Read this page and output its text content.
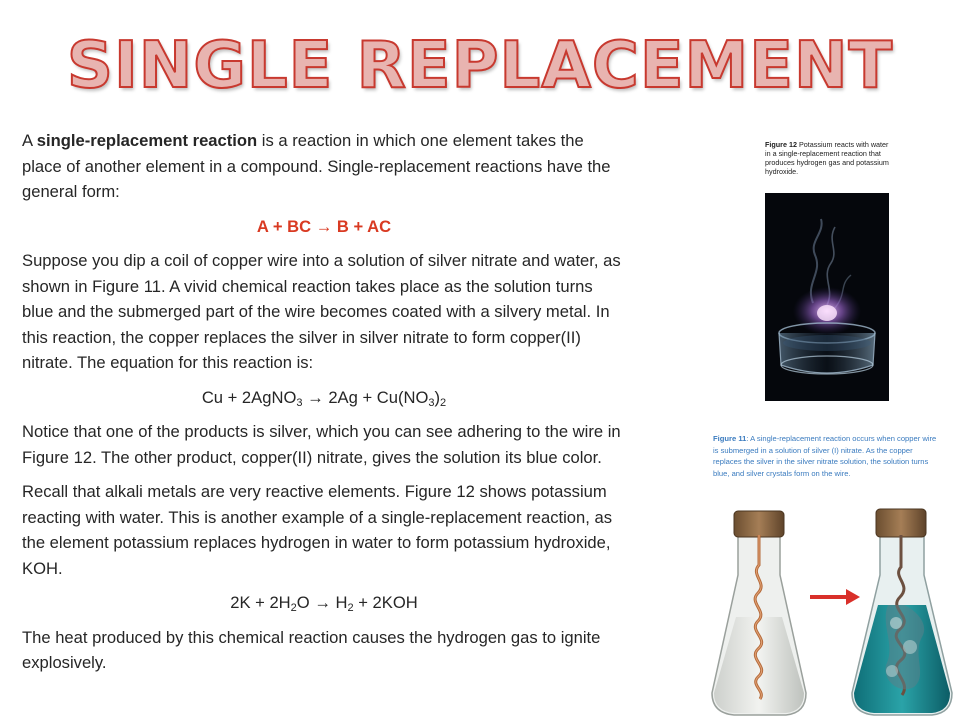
SINGLE REPLACEMENT

A single-replacement reaction is a reaction in which one element takes the place of another element in a compound. Single-replacement reactions have the general form:

A + BC → B + AC

Suppose you dip a coil of copper wire into a solution of silver nitrate and water, as shown in Figure 11. A vivid chemical reaction takes place as the solution turns blue and the submerged part of the wire becomes coated with a silvery metal. In this reaction, the copper replaces the silver in silver nitrate to form copper(II) nitrate. The equation for this reaction is:

Cu + 2AgNO$_3$ → $2Ag + Cu(NO_3)_2$

Notice that one of the products is silver, which you can see adhering to the wire in Figure 12. The other product, copper(II) nitrate, gives the solution its blue color.

Recall that alkali metals are very reactive elements. Figure 12 shows potassium reacting with water. This is another example of a single-replacement reaction, as the element potassium replaces hydrogen in water to form potassium hydroxide, KOH.

$2K + 2H_2O \to H_2 + 2KOH$

The heat produced by this chemical reaction causes the hydrogen gas to ignite explosively.

Figure 12 Potassium reacts with water in a single-replacement reaction that produces hydrogen gas and potassium hydroxide.
Figure 11: A single-replacement reaction occurs when copper wire is submerged in a solution of silver (I) nitrate. As the copper replaces the silver in the silver nitrate solution, the solution turns blue, and silver crystals form on the wire.
